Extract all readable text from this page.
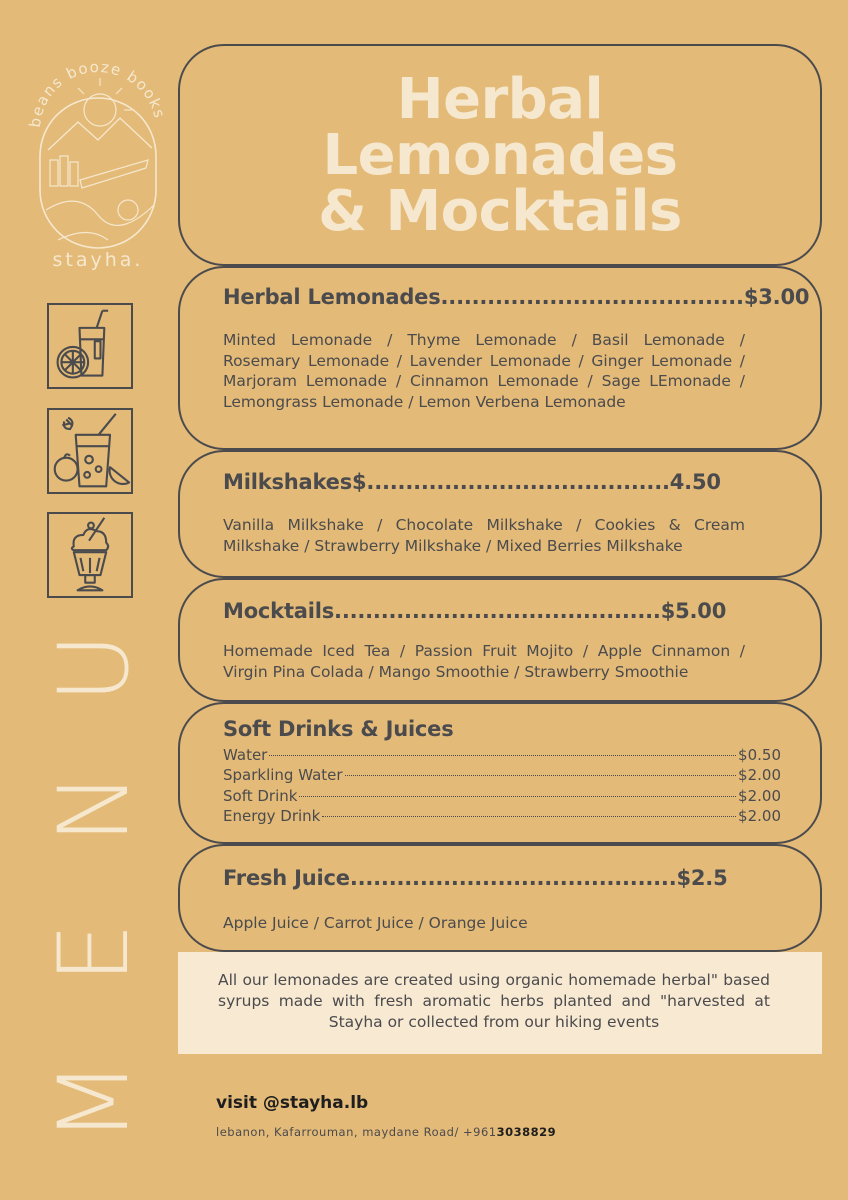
eans booze books
stayha.
M
E
N
U
Herbal
Lemonades
& Mocktails
Herbal Lemonades.......................................$3.00
Minted Lemonade / Thyme Lemonade / Basil Lemonade / Rosemary Lemonade / Lavender Lemonade / Ginger Lemonade / Marjoram Lemonade / Cinnamon Lemonade / Sage LEmonade / Lemongrass Lemonade / Lemon Verbena Lemonade
Milkshakes$.......................................4.50
Vanilla Milkshake / Chocolate Milkshake / Cookies & Cream Milkshake / Strawberry Milkshake / Mixed Berries Milkshake
Mocktails..........................................$5.00
Homemade Iced Tea / Passion Fruit Mojito / Apple Cinnamon / Virgin Pina Colada / Mango Smoothie / Strawberry Smoothie
Soft Drinks & Juices
Water	$0.50
Sparkling Water	$2.00
Soft Drink	$2.00
Energy Drink	$2.00
Fresh Juice..........................................$2.5
Apple Juice / Carrot Juice / Orange Juice
All our lemonades are created using organic homemade herbal" based syrups made with fresh aromatic herbs planted and "harvested at Stayha or collected from our hiking events
visit @stayha.lb
lebanon, Kafarrouman, maydane Road/ +9613038829
